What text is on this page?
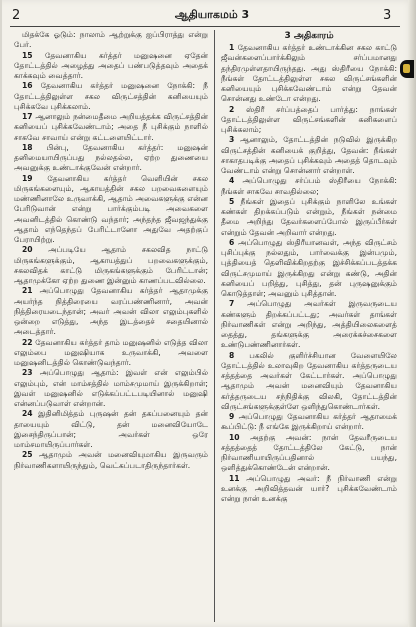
2	ஆதியாகமம் 3	3

மிதக்கே ஓடும்: நாலாம் ஆற்றுக்கு ஐப்பிராத்து என்று பேர்.

15 தேவனாகிய கர்த்தர் மனுஷனை ஏதேன் தோட்டத்தில் அழைத்து அதைப் பண்படுத்தவும் அதைக் காக்கவும் வைத்தார்.

16 தேவனாகிய கர்த்தர் மனுஷனை நோக்கி: நீ தோட்டத்திலுள்ள சகல விருட்சத்தின் கனியையும் புசிக்கவே புசிக்கலாம்.

17 ஆனாலும் நன்மைதீமை அறியத்தக்க விருட்சத்தின் கனியைப் புசிக்கவேண்டாம்; அதை நீ புசிக்கும் நாளில் சாகவே சாவாய் என்று கட்டளையிட்டார்.

18 பின்பு, தேவனாகிய கர்த்தர்: மனுஷன் தனிமையாயிருப்பது நல்லதல்ல, ஏற்ற துணையை அவனுக்கு உண்டாக்குவேன் என்றார்.

19 தேவனாகிய கர்த்தர் வெளியின் சகல மிருகங்களையும், ஆகாயத்தின் சகல பறவைகளையும் மண்ணினாலே உருவாக்கி, ஆதாம் அவைகளுக்கு என்ன பேரிடுவான் என்று பார்க்கும்படி அவைகளை அவனிடத்தில் கொண்டு வந்தார்; அந்தந்த ஜீவஜந்துக்கு ஆதாம் எந்தெந்தப் பேரிட்டானோ அதுவே அதற்குப் பேராயிற்று.

20 அப்படியே ஆதாம் சகலவித நாட்டு மிருகங்களுக்கும், ஆகாயத்துப் பறவைகளுக்கும், சகலவிதக் காட்டு மிருகங்களுக்கும் பேரிட்டான்; ஆதாமுக்கோ ஏற்ற துணை இன்னும் காணப்படவில்லை.

21 அப்பொழுது தேவனாகிய கர்த்தர் ஆதாமுக்கு அயர்ந்த நித்திரையை வரப்பண்ணினார், அவன் நித்திரையடைந்தான்; அவர் அவன் விலா எலும்புகளில் ஒன்றை எடுத்து, அந்த இடத்தைச் சதையினால் அடைத்தார்.

22 தேவனாகிய கர்த்தர் தாம் மனுஷனில் எடுத்த விலா எலும்பை மனுஷியாக உருவாக்கி, அவளை மனுஷனிடத்தில் கொண்டுவந்தார்.

23 அப்பொழுது ஆதாம்: இவள் என் எலும்பில் எலும்பும், என் மாம்சத்தில் மாம்சமுமாய் இருக்கிறாள்; இவள் மனுஷனில் எடுக்கப்பட்டபடியினால் மனுஷி என்னப்படுவாள் என்றான்.

24 இதினிமித்தம் புருஷன் தன் தகப்பனையும் தன் தாயையும் விட்டு, தன் மனைவியோடே இசைந்திருப்பான்; அவர்கள் ஒரே மாம்சமாயிருப்பார்கள்.

25 ஆதாமும் அவன் மனைவியுமாகிய இருவரும் நிர்வாணிகளாயிருந்தும், வெட்கப்படாதிருந்தார்கள்.

3 அதிகாரம்

1 தேவனாகிய கர்த்தர் உண்டாக்கின சகல காட்டு ஜீவன்களைப்பார்க்கிலும் சர்ப்பமானது தந்திரமுள்ளதாயிருந்தது. அது ஸ்திரீயை நோக்கி: நீங்கள் தோட்டத்திலுள்ள சகல விருட்சங்களின் கனியையும் புசிக்கவேண்டாம் என்று தேவன் சொன்னது உண்டோ என்றது.

2 ஸ்திரீ சர்ப்பத்தைப் பார்த்து: நாங்கள் தோட்டத்திலுள்ள விருட்சங்களின் கனிகளைப் புசிக்கலாம்;

3 ஆனாலும், தோட்டத்தின் நடுவில் இருக்கிற விருட்சத்தின் கனியைக் குறித்து, தேவன்: நீங்கள் சாகாதபடிக்கு அதைப் புசிக்கவும் அதைத் தொடவும் வேண்டாம் என்று சொன்னார் என்றாள்.

4 அப்பொழுது சர்ப்பம் ஸ்திரீயை நோக்கி: நீங்கள் சாகவே சாவதில்லை;

5 நீங்கள் இதைப் புசிக்கும் நாளிலே உங்கள் கண்கள் திறக்கப்படும் என்றும், நீங்கள் நன்மை தீமை அறிந்து தேவர்களைப்போல் இருப்பீர்கள் என்றும் தேவன் அறிவார் என்றது.

6 அப்பொழுது ஸ்திரீயானவள், அந்த விருட்சம் புசிப்புக்கு நல்லதும், பார்வைக்கு இன்பமும், புத்தியைத் தெளிவிக்கிறதற்கு இச்சிக்கப்படத்தக்க விருட்சமுமாய் இருக்கிறது என்று கண்டு, அதின் கனியைப் பறித்து, புசித்து, தன் புருஷனுக்கும் கொடுத்தாள்; அவனும் புசித்தான்.

7 அப்பொழுது அவர்கள் இருவருடைய கண்களும் திறக்கப்பட்டது; அவர்கள் தாங்கள் நிர்வாணிகள் என்று அறிந்து, அத்தியிலைகளைத் தைத்து, தங்களுக்கு அரைக்கச்சைகளை உண்டுபண்ணினார்கள்.

8 பகலில் குளிர்ச்சியான வேளையிலே தோட்டத்தில் உலாவுகிற தேவனாகிய கர்த்தருடைய சத்தத்தை அவர்கள் கேட்டார்கள். அப்பொழுது ஆதாமும் அவன் மனைவியும் தேவனாகிய கர்த்தருடைய சந்நிதிக்கு விலகி, தோட்டத்தின் விருட்சங்களுக்குள்ளே ஒளிந்துகொண்டார்கள்.

9 அப்பொழுது தேவனாகிய கர்த்தர் ஆதாமைக் கூப்பிட்டு: நீ எங்கே இருக்கிறாய் என்றார்.

10 அதற்கு அவன்: நான் தேவரீருடைய சத்தத்தைத் தோட்டத்திலே கேட்டு, நான் நிர்வாணியாயிருப்பதினால் பயந்து, ஒளித்துக்கொண்டேன் என்றான்.

11 அப்பொழுது அவர்: நீ நிர்வாணி என்று உனக்கு அறிவித்தவன் யார்? புசிக்கவேண்டாம் என்று நான் உனக்கு
